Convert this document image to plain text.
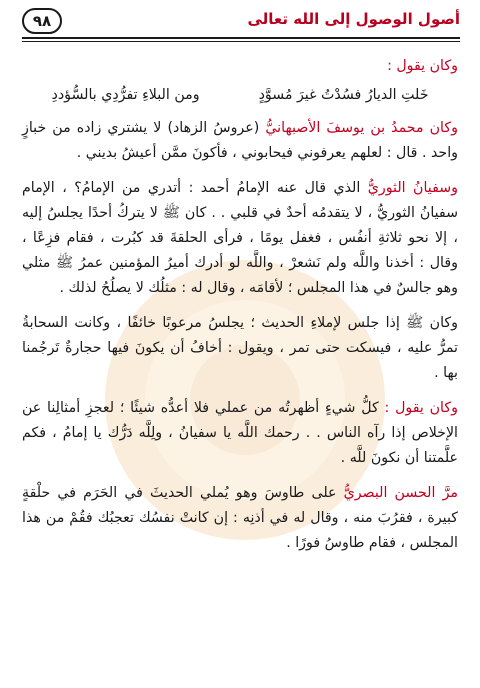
أصول الوصول إلى الله تعالى
٩٨

وكان يقول :

خَلتِ الديارُ فسُدْتُ غيرَ مُسوَّدٍ
ومن البلاءِ تفرُّدِي بالسُّؤددِ

وكان محمدُ بن يوسفَ الأصبهانيُّ (عروسُ الزهاد) لا يشتري زاده من خبازٍ واحد . قال : لعلهم يعرفوني فيحابوني ، فأكونَ ممَّن أعيشُ بديني .

وسفيانُ الثوريُّ الذي قال عنه الإمامُ أحمد : أتدري من الإمامُ؟ ، الإمام سفيانُ الثوريُّ ، لا يتقدمُه أحدٌ في قلبي . . كان ﷺ لا يتركُ أحدًا يجلسُ إليه ، إلا نحو ثلاثةِ أنفُس ، فغفل يومًا ، فرأى الحلقةَ قد كبُرت ، فقام فزِعًا ، وقال : أخذنا واللَّه ولم نَشعرْ ، واللَّه لو أدرك أميرُ المؤمنين عمرُ ﷺ مثلي وهو جالسٌ في هذا المجلس ؛ لأقامَه ، وقال له : مثلُك لا يصلُحُ لذلك .

وكان ﷺ إذا جلس لإملاءِ الحديث ؛ يجلسُ مرعوبًا خائفًا ، وكانت السحابةُ تمرُّ عليه ، فيسكت حتى تمر ، ويقول : أخافُ أن يكونَ فيها حجارةٌ تَرجُمنا بها .

وكان يقول : كلُّ شيءٍ أظهرتُه من عملي فلا أعدُّه شيئًا ؛ لعجزِ أمثالِنا عن الإخلاص إذا رآه الناس . . رحمك اللَّه يا سفيانُ ، ولِلَّه دَرُّك يا إمامُ ، فكم علَّمتنا أن نكونَ للَّه .

مرَّ الحسن البصريُّ على طاوسَ وهو يُملي الحديثَ في الحَرَم في حلْقةٍ كبيرة ، فقرُبَ منه ، وقال له في أذنِه : إن كانتْ نفسُك تعجبُك فقُمْ من هذا المجلس ، فقام طاوسُ فورًا .
